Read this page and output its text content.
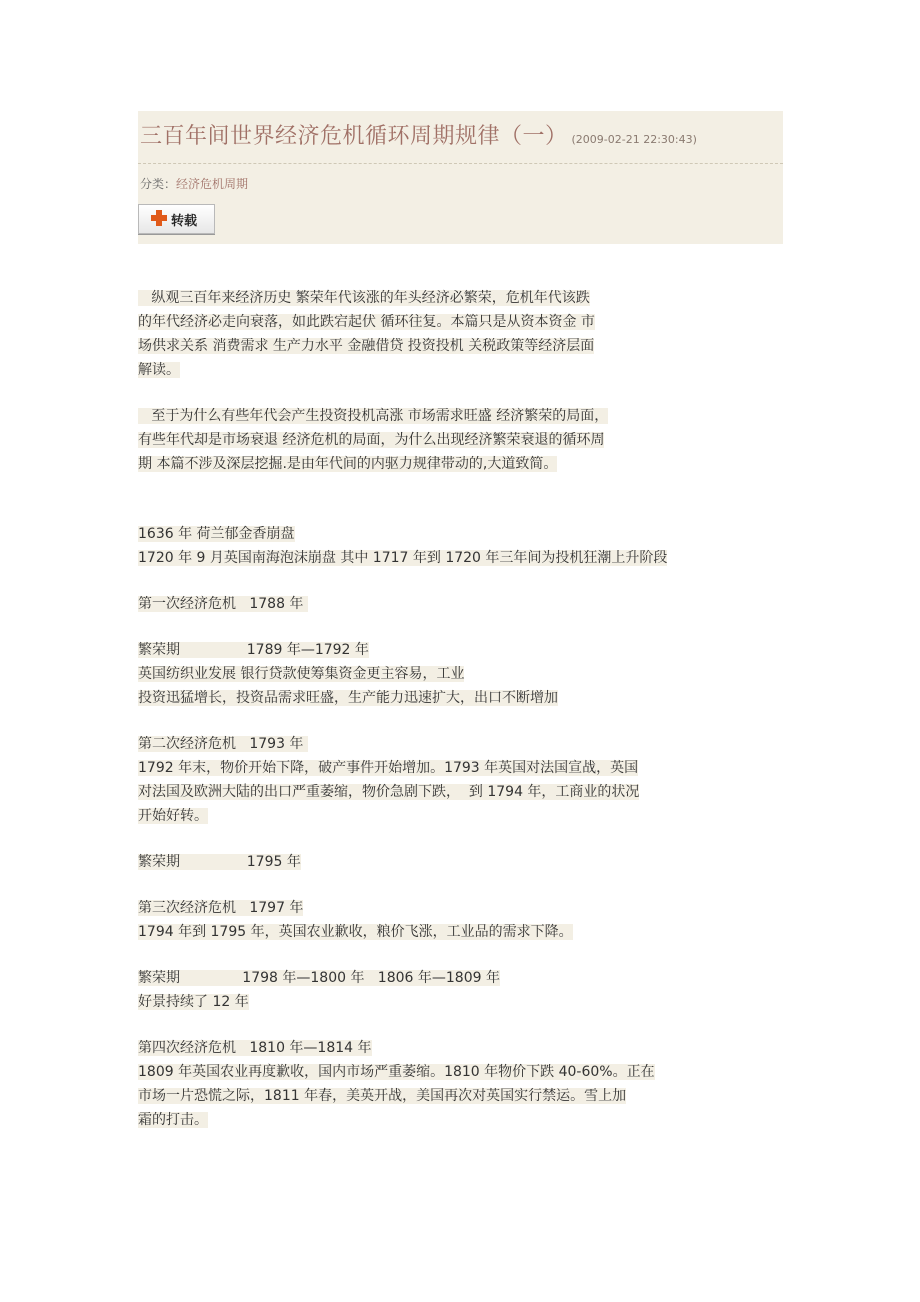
三百年间世界经济危机循环周期规律（一） (2009-02-21 22:30:43)
分类：经济危机周期
转载
纵观三百年来经济历史 繁荣年代该涨的年头经济必繁荣，危机年代该跌
的年代经济必走向衰落，如此跌宕起伏 循环往复。本篇只是从资本资金 市
场供求关系 消费需求 生产力水平 金融借贷 投资投机 关税政策等经济层面
解读。
至于为什么有些年代会产生投资投机高涨 市场需求旺盛 经济繁荣的局面，
有些年代却是市场衰退 经济危机的局面，为什么出现经济繁荣衰退的循环周
期 本篇不涉及深层挖掘.是由年代间的内驱力规律带动的,大道致简。
1636 年 荷兰郁金香崩盘
1720 年 9 月英国南海泡沫崩盘 其中 1717 年到 1720 年三年间为投机狂潮上升阶段
第一次经济危机   1788 年
繁荣期               1789 年—1792 年
英国纺织业发展 银行贷款使筹集资金更主容易，工业
投资迅猛增长，投资品需求旺盛，生产能力迅速扩大，出口不断增加
第二次经济危机   1793 年
1792 年末，物价开始下降，破产事件开始增加。1793 年英国对法国宣战，英国
对法国及欧洲大陆的出口严重萎缩，物价急剧下跌，  到 1794 年，工商业的状况
开始好转。
繁荣期               1795 年
第三次经济危机   1797 年
1794 年到 1795 年，英国农业歉收，粮价飞涨，工业品的需求下降。
繁荣期              1798 年—1800 年   1806 年—1809 年
好景持续了 12 年
第四次经济危机   1810 年—1814 年
1809 年英国农业再度歉收，国内市场严重萎缩。1810 年物价下跌 40-60%。正在
市场一片恐慌之际，1811 年春，美英开战，美国再次对英国实行禁运。雪上加
霜的打击。
